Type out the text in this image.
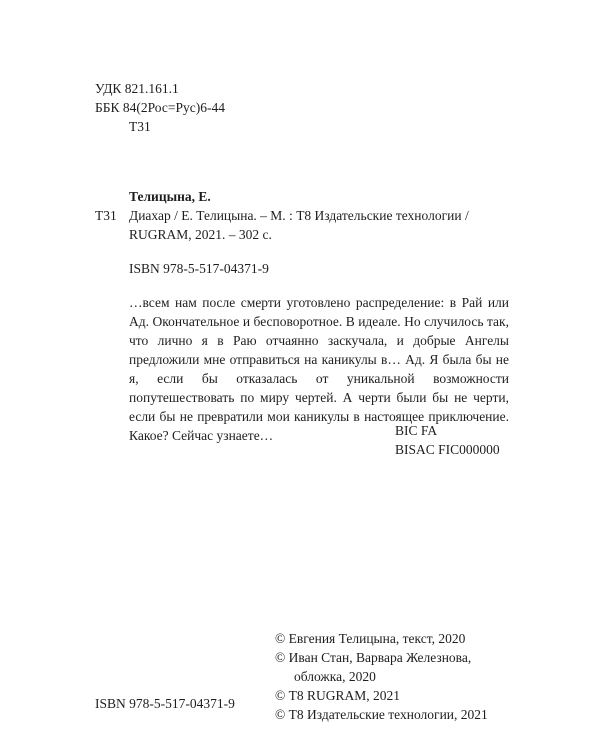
УДК 821.161.1
ББК 84(2Рос=Рус)6-44
Т31
Телицына, Е.
Т31 Диахар / Е. Телицына. – М. : Т8 Издательские технологии /
RUGRAM, 2021. – 302 с.
ISBN 978-5-517-04371-9

…всем нам после смерти уготовлено распределение: в Рай или Ад. Окончательное и бесповоротное. В идеале. Но случилось так, что лично я в Раю отчаянно заскучала, и добрые Ангелы предложили мне отправиться на каникулы в… Ад. Я была бы не я, если бы отказалась от уникальной возможности попутешествовать по миру чертей. А черти были бы не черти, если бы не превратили мои каникулы в настоящее приключение. Какое? Сейчас узнаете…	BIC FA
BISAC FIC000000
© Евгения Телицына, текст, 2020
© Иван Стан, Варвара Железнова,
обложка, 2020
© Т8 RUGRAM, 2021
© Т8 Издательские технологии, 2021
ISBN 978-5-517-04371-9
